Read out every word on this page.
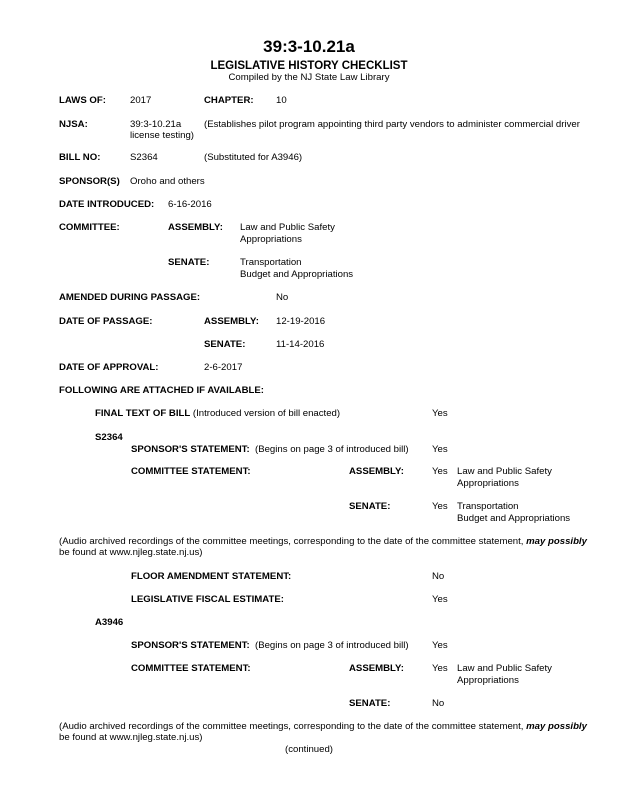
39:3-10.21a
LEGISLATIVE HISTORY CHECKLIST
Compiled by the NJ State Law Library
LAWS OF:	2017	CHAPTER: 10
NJSA:	39:3-10.21a (Establishes pilot program appointing third party vendors to administer commercial driver
license testing)
BILL NO:	S2364	(Substituted for A3946)
SPONSOR(S) Oroho and others
DATE INTRODUCED: 6-16-2016
COMMITTEE:	ASSEMBLY: Law and Public Safety
Appropriations
SENATE:	Transportation
Budget and Appropriations
AMENDED DURING PASSAGE:	No
DATE OF PASSAGE:	ASSEMBLY: 12-19-2016
SENATE:	11-14-2016
DATE OF APPROVAL:	2-6-2017
FOLLOWING ARE ATTACHED IF AVAILABLE:
FINAL TEXT OF BILL (Introduced version of bill enacted)	Yes
S2364
SPONSOR'S STATEMENT: (Begins on page 3 of introduced bill) Yes
COMMITTEE STATEMENT:	ASSEMBLY:	Yes Law and Public Safety
Appropriations
SENATE:	Yes Transportation
Budget and Appropriations
(Audio archived recordings of the committee meetings, corresponding to the date of the committee statement, may possibly
be found at www.njleg.state.nj.us)
FLOOR AMENDMENT STATEMENT:	No
LEGISLATIVE FISCAL ESTIMATE:	Yes
A3946
SPONSOR'S STATEMENT: (Begins on page 3 of introduced bill) Yes
COMMITTEE STATEMENT:	ASSEMBLY:	Yes Law and Public Safety
Appropriations
SENATE:	No
(Audio archived recordings of the committee meetings, corresponding to the date of the committee statement, may possibly
be found at www.njleg.state.nj.us)
(continued)
